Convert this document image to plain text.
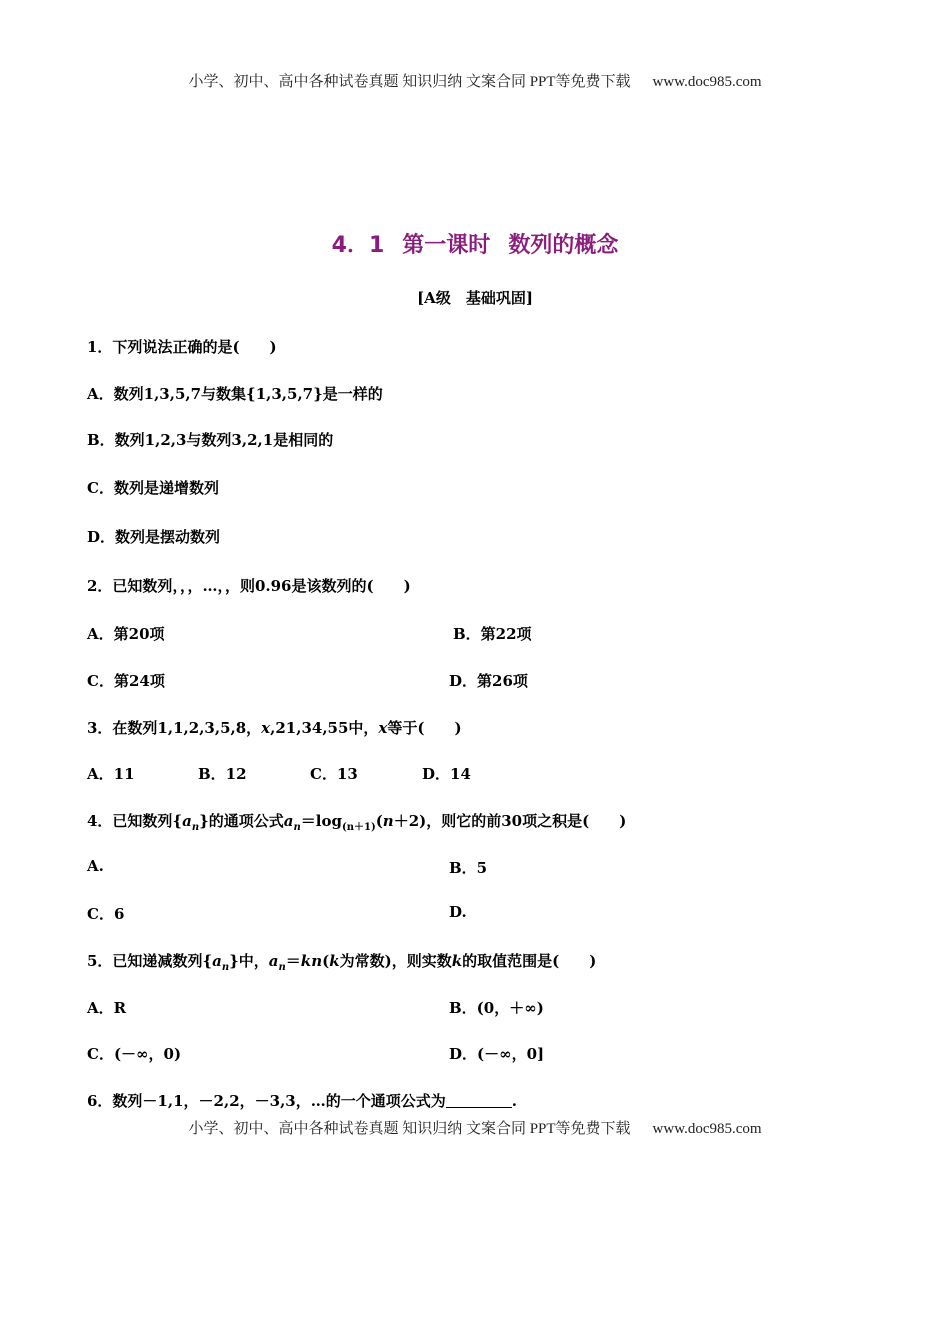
小学、初中、高中各种试卷真题 知识归纳 文案合同 PPT等免费下载 www.doc985.com
4．1 第一课时 数列的概念
[A级　基础巩固]
1．下列说法正确的是(　　)
A．数列1,3,5,7与数集{1,3,5,7}是一样的
B．数列1,2,3与数列3,2,1是相同的
C．数列是递增数列
D．数列是摆动数列
2．已知数列，，，…，，则0.96是该数列的(　　)
A．第20项	B．第22项
C．第24项	D．第26项
3．在数列1,1,2,3,5,8，x,21,34,55中，x等于(　　)
A．11	B．12	C．13	D．14
4．已知数列$\{a_n\}$的通项公式$a_n=\log_{(n+1)}(n+2)$，则它的前30项之积是(　　)
A.	B．5
C．6	D.
5．已知递减数列$\{a_n\}$中，$a_n=kn(k$为常数)，则实数k的取值范围是(　　)
A．R	B．(0，＋∞)
C．(－∞，0)	D．(－∞，0]
6．数列－1,1，－2,2，－3,3，…的一个通项公式为	.
小学、初中、高中各种试卷真题 知识归纳 文案合同 PPT等免费下载 www.doc985.com
